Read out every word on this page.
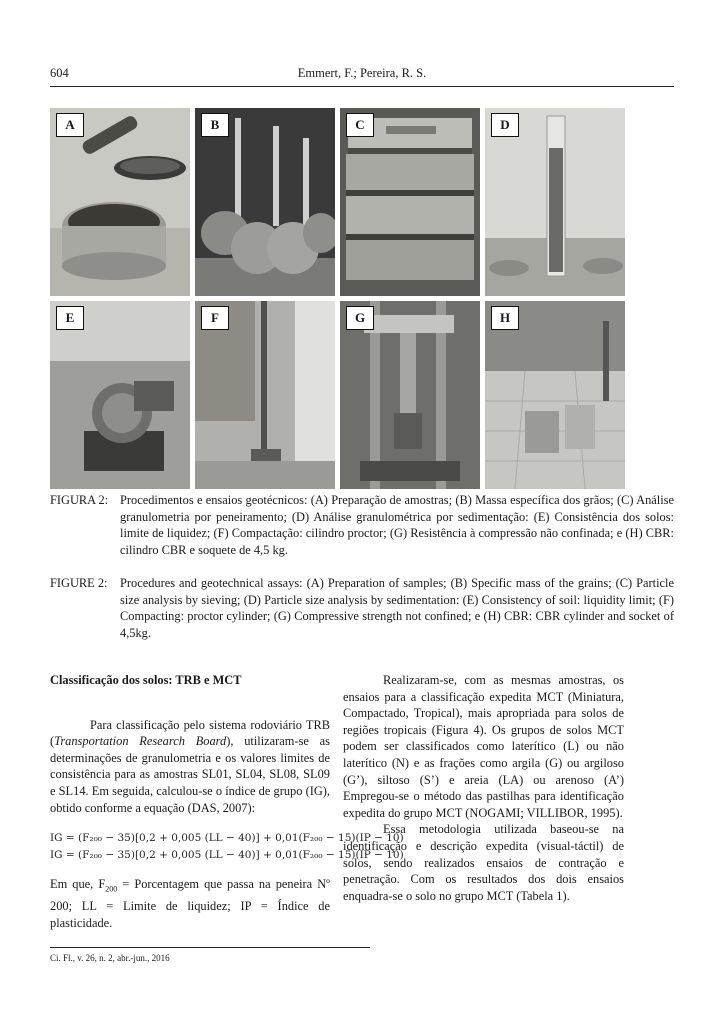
604	Emmert, F.; Pereira, R. S.
A	B	C	D
E	F	G	H
FIGURA 2: Procedimentos e ensaios geotécnicos: (A) Preparação de amostras; (B) Massa específica dos grãos; (C) Análise granulometria por peneiramento; (D) Análise granulométrica por sedimentação: (E) Consistência dos solos: limite de liquidez; (F) Compactação: cilindro proctor; (G) Resistência à compressão não confinada; e (H) CBR: cilindro CBR e soquete de 4,5 kg.
FIGURE 2: Procedures and geotechnical assays: (A) Preparation of samples; (B) Specific mass of the grains; (C) Particle size analysis by sieving; (D) Particle size analysis by sedimentation: (E) Consistency of soil: liquidity limit; (F) Compacting: proctor cylinder; (G) Compressive strength not confined; e (H) CBR: CBR cylinder and socket of 4,5kg.

Classificação dos solos: TRB e MCT

Para classificação pelo sistema rodoviário TRB (Transportation Research Board), utilizaram-se as determinações de granulometria e os valores limites de consistência para as amostras SL01, SL04, SL08, SL09 e SL14. Em seguida, calculou-se o índice de grupo (IG), obtido conforme a equação (DAS, 2007):

IG = (F₂₀₀ − 35)[0,2 + 0,005 (LL − 40)] + 0,01(F₂₀₀ − 15)(IP − 10)
IG = (F₂₀₀ − 35)[0,2 + 0,005 (LL − 40)] + 0,01(F₂₀₀ − 15)(IP − 10)

Em que, $F_{200}$ = Porcentagem que passa na peneira Nº 200; LL = Limite de liquidez; IP = Índice de plasticidade.

Realizaram-se, com as mesmas amostras, os ensaios para a classificação expedita MCT (Miniatura, Compactado, Tropical), mais apropriada para solos de regiões tropicais (Figura 4). Os grupos de solos MCT podem ser classificados como laterítico (L) ou não laterítico (N) e as frações como argila (G) ou argiloso (G’), siltoso (S’) e areia (LA) ou arenoso (A’) Empregou-se o método das pastilhas para identificação expedita do grupo MCT (NOGAMI; VILLIBOR, 1995).

Essa metodologia utilizada baseou-se na identificação e descrição expedita (visual-táctil) de solos, sendo realizados ensaios de contração e penetração. Com os resultados dos dois ensaios enquadra-se o solo no grupo MCT (Tabela 1).

Ci. Fl., v. 26, n. 2, abr.-jun., 2016
